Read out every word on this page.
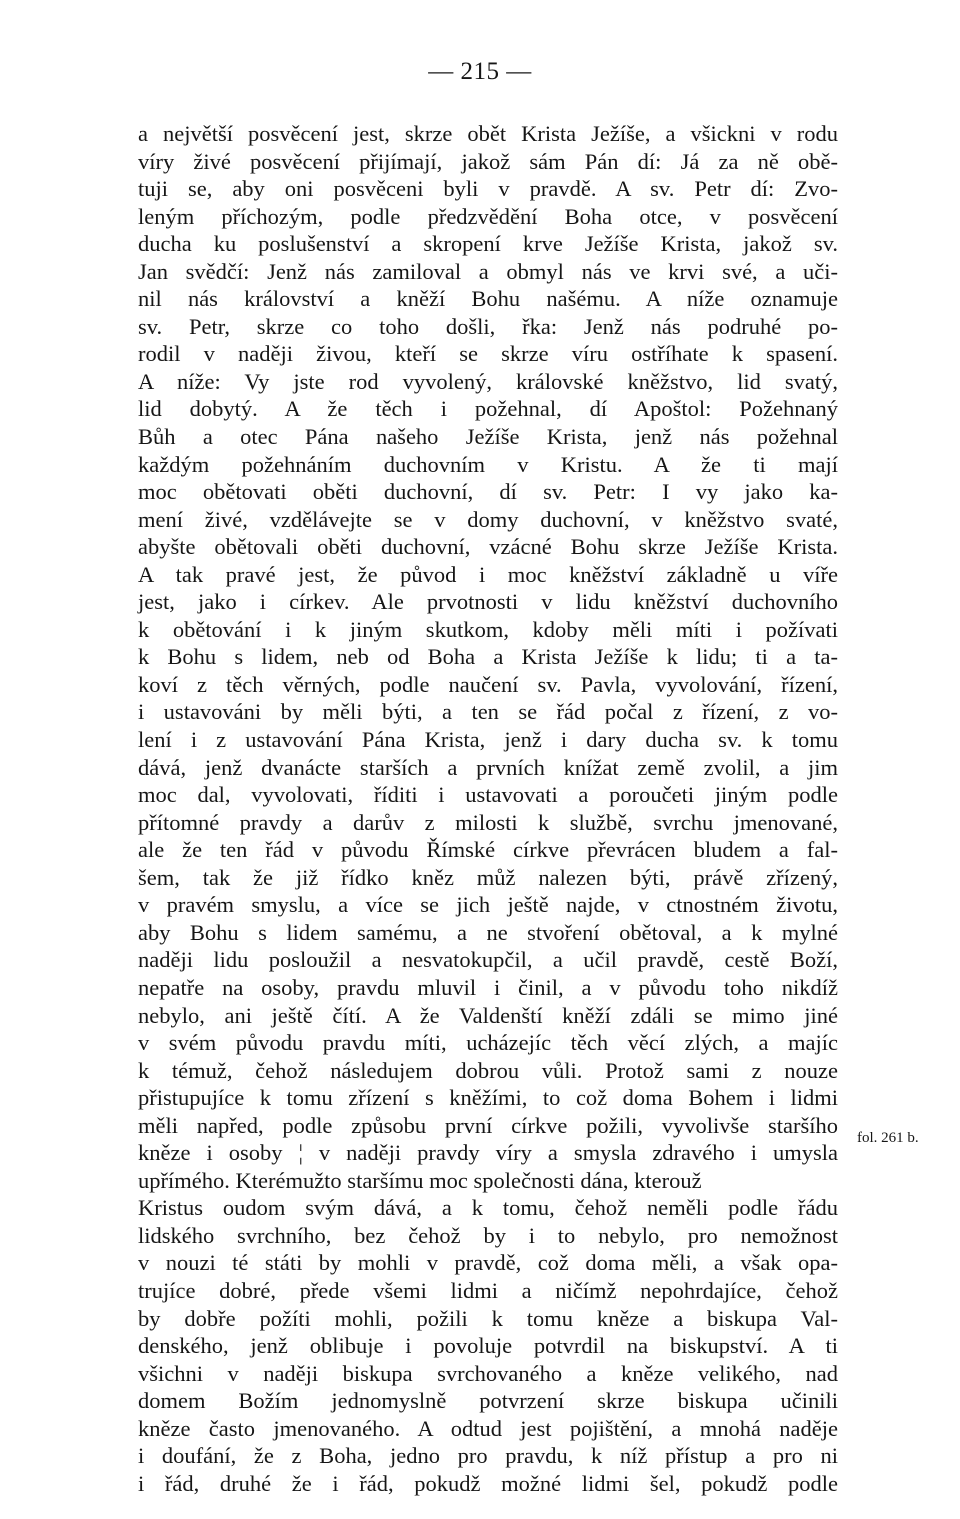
— 215 —
a největší posvěcení jest, skrze obět Krista Ježíše, a všickni v rodu
víry živé posvěcení přijímají, jakož sám Pán dí: Já za ně obě-
tuji se, aby oni posvěceni byli v pravdě. A sv. Petr dí: Zvo-
leným příchozým, podle předzvědění Boha otce, v posvěcení
ducha ku poslušenství a skropení krve Ježíše Krista, jakož sv.
Jan svědčí: Jenž nás zamiloval a obmyl nás ve krvi své, a uči-
nil nás království a kněží Bohu našému. A níže oznamuje
sv. Petr, skrze co toho došli, řka: Jenž nás podruhé po-
rodil v naději živou, kteří se skrze víru ostříhate k spasení.
A níže: Vy jste rod vyvolený, královské kněžstvo, lid svatý,
lid dobytý. A že těch i požehnal, dí Apoštol: Požehnaný
Bůh a otec Pána našeho Ježíše Krista, jenž nás požehnal
každým požehnáním duchovním v Kristu. A že ti mají
moc obětovati oběti duchovní, dí sv. Petr: I vy jako ka-
mení živé, vzdělávejte se v domy duchovní, v kněžstvo svaté,
abyšte obětovali oběti duchovní, vzácné Bohu skrze Ježíše Krista.
A tak pravé jest, že původ i moc kněžství základně u víře
jest, jako i církev. Ale prvotnosti v lidu kněžství duchovního
k obětování i k jiným skutkom, kdoby měli míti i požívati
k Bohu s lidem, neb od Boha a Krista Ježíše k lidu; ti a ta-
koví z těch věrných, podle naučení sv. Pavla, vyvolování, řízení,
i ustavováni by měli býti, a ten se řád počal z řízení, z vo-
lení i z ustavování Pána Krista, jenž i dary ducha sv. k tomu
dává, jenž dvanácte starších a prvních knížat země zvolil, a jim
moc dal, vyvolovati, říditi i ustavovati a poroučeti jiným podle
přítomné pravdy a darův z milosti k službě, svrchu jmenované,
ale že ten řád v původu Římské církve převrácen bludem a fal-
šem, tak že již řídko kněz můž nalezen býti, právě zřízený,
v pravém smyslu, a více se jich ještě najde, v ctnostném životu,
aby Bohu s lidem samému, a ne stvoření obětoval, a k mylné
naději lidu posloužil a nesvatokupčil, a učil pravdě, cestě Boží,
nepatře na osoby, pravdu mluvil i činil, a v původu toho nikdíž
nebylo, ani ještě čítí. A že Valdenští kněží zdáli se mimo jiné
v svém původu pravdu míti, ucházejíc těch věcí zlých, a majíc
k témuž, čehož následujem dobrou vůli. Protož sami z nouze
přistupujíce k tomu zřízení s kněžími, to což doma Bohem i lidmi
měli napřed, podle způsobu první církve požili, vyvolivše staršího
kněze i osoby ¦ v naději pravdy víry a smysla zdravého i umysla
upřímého. Kterémužto staršímu moc společnosti dána, kterouž
Kristus oudom svým dává, a k tomu, čehož neměli podle řádu
lidského svrchního, bez čehož by i to nebylo, pro nemožnost
v nouzi té státi by mohli v pravdě, což doma měli, a však opa-
trujíce dobré, přede všemi lidmi a ničímž nepohrdajíce, čehož
by dobře požíti mohli, požili k tomu kněze a biskupa Val-
denského, jenž oblibuje i povoluje potvrdil na biskupství. A ti
všichni v naději biskupa svrchovaného a kněze velikého, nad
domem Božím jednomyslně potvrzení skrze biskupa učinili
kněze často jmenovaného. A odtud jest pojištění, a mnohá naděje
i doufání, že z Boha, jedno pro pravdu, k níž přístup a pro ni
i řád, druhé že i řád, pokudž možné lidmi šel, pokudž podle
fol. 261 b.
